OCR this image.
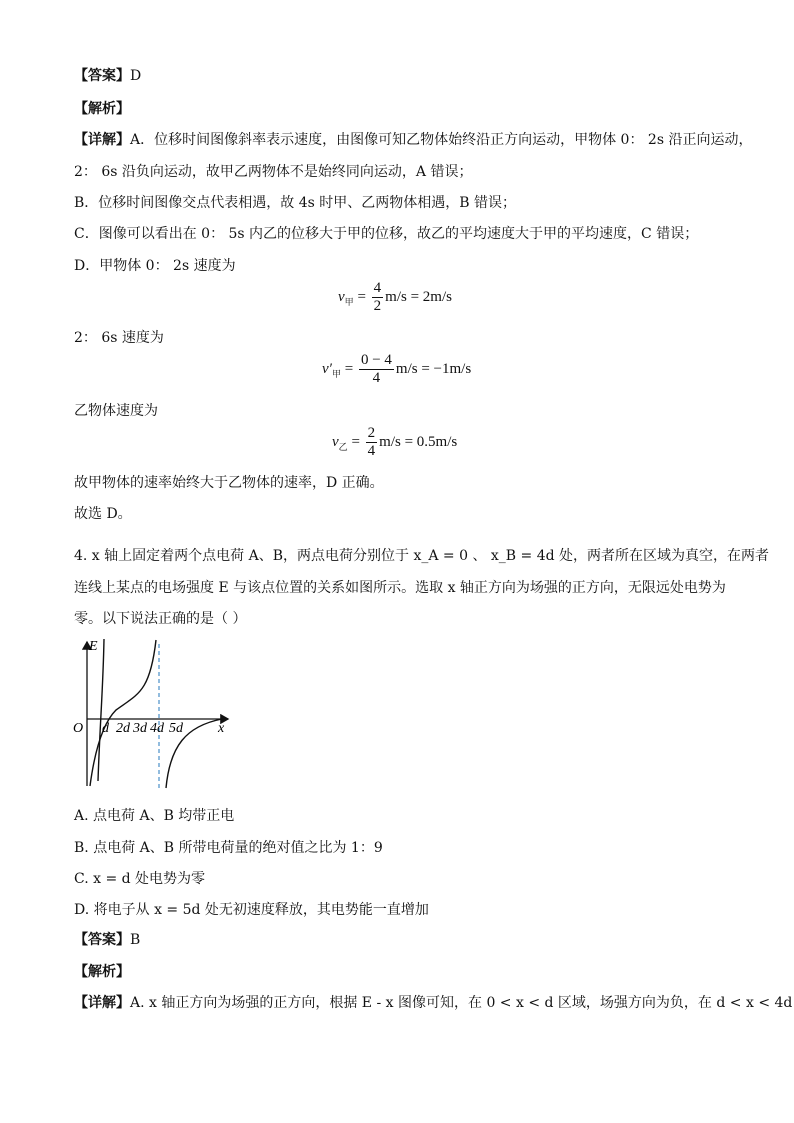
【答案】D
【解析】
【详解】A．位移时间图像斜率表示速度，由图像可知乙物体始终沿正方向运动，甲物体 0： 2s 沿正向运动，
2： 6s 沿负向运动，故甲乙两物体不是始终同向运动，A 错误；
B．位移时间图像交点代表相遇，故 4s 时甲、乙两物体相遇，B 错误；
C．图像可以看出在 0： 5s 内乙的位移大于甲的位移，故乙的平均速度大于甲的平均速度，C 错误；
D．甲物体 0： 2s 速度为
$v_甲 = \frac{4}{2} m/s = 2m/s$
2： 6s 速度为
$v'_甲 = \frac{0 - 4}{4} m/s = -1m/s$
乙物体速度为
$v_乙 = \frac{2}{4} m/s = 0.5m/s$
故甲物体的速率始终大于乙物体的速率，D 正确。
故选 D。
4. x 轴上固定着两个点电荷 A、B，两点电荷分别位于 x_A = 0 、 x_B = 4d 处，两者所在区域为真空，在两者
连线上某点的电场强度 E 与该点位置的关系如图所示。选取 x 轴正方向为场强的正方向，无限远处电势为
零。以下说法正确的是（ ）
E
O	x
d 2d 3d 4d 5d
A. 点电荷 A、B 均带正电
B. 点电荷 A、B 所带电荷量的绝对值之比为 1：9
C. x = d 处电势为零
D. 将电子从 x = 5d 处无初速度释放，其电势能一直增加
【答案】B
【解析】
【详解】A. x 轴正方向为场强的正方向，根据 E - x 图像可知，在 0 < x < d 区域，场强方向为负，在 d < x < 4d
